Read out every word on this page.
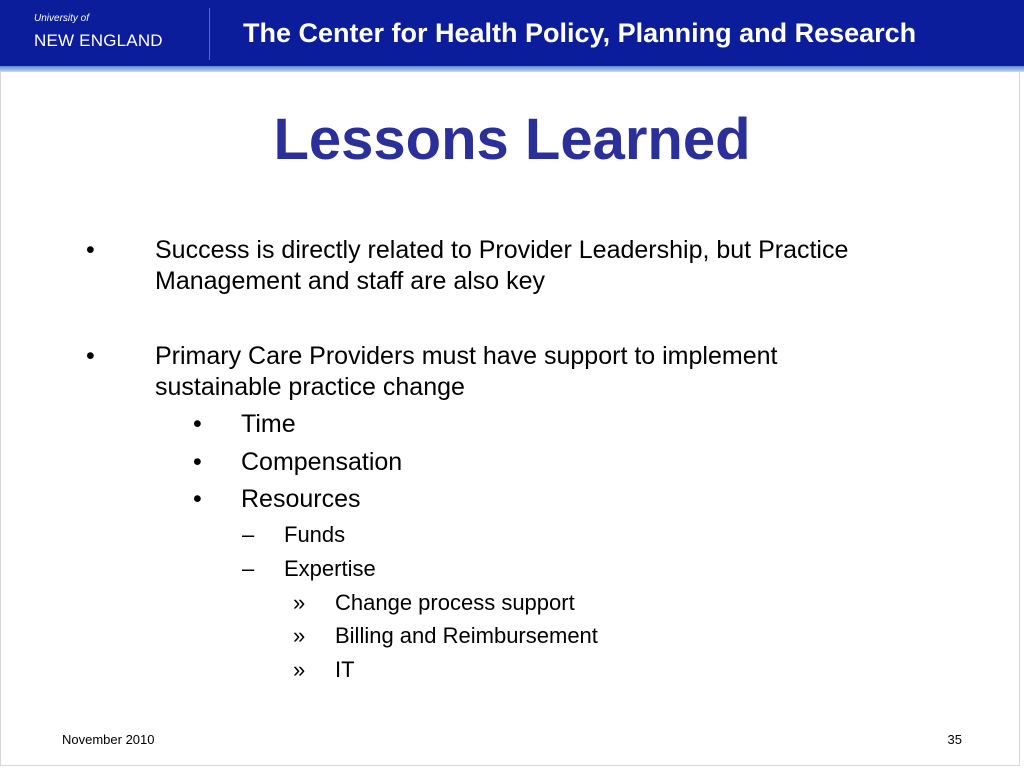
University of
NEW ENGLAND	The Center for Health Policy, Planning and Research
Lessons Learned
• Success is directly related to Provider Leadership, but Practice
Management and staff are also key
• Primary Care Providers must have support to implement
sustainable practice change
• Time
• Compensation
• Resources
– Funds
– Expertise
» Change process support
» Billing and Reimbursement
» IT
November 2010	35
